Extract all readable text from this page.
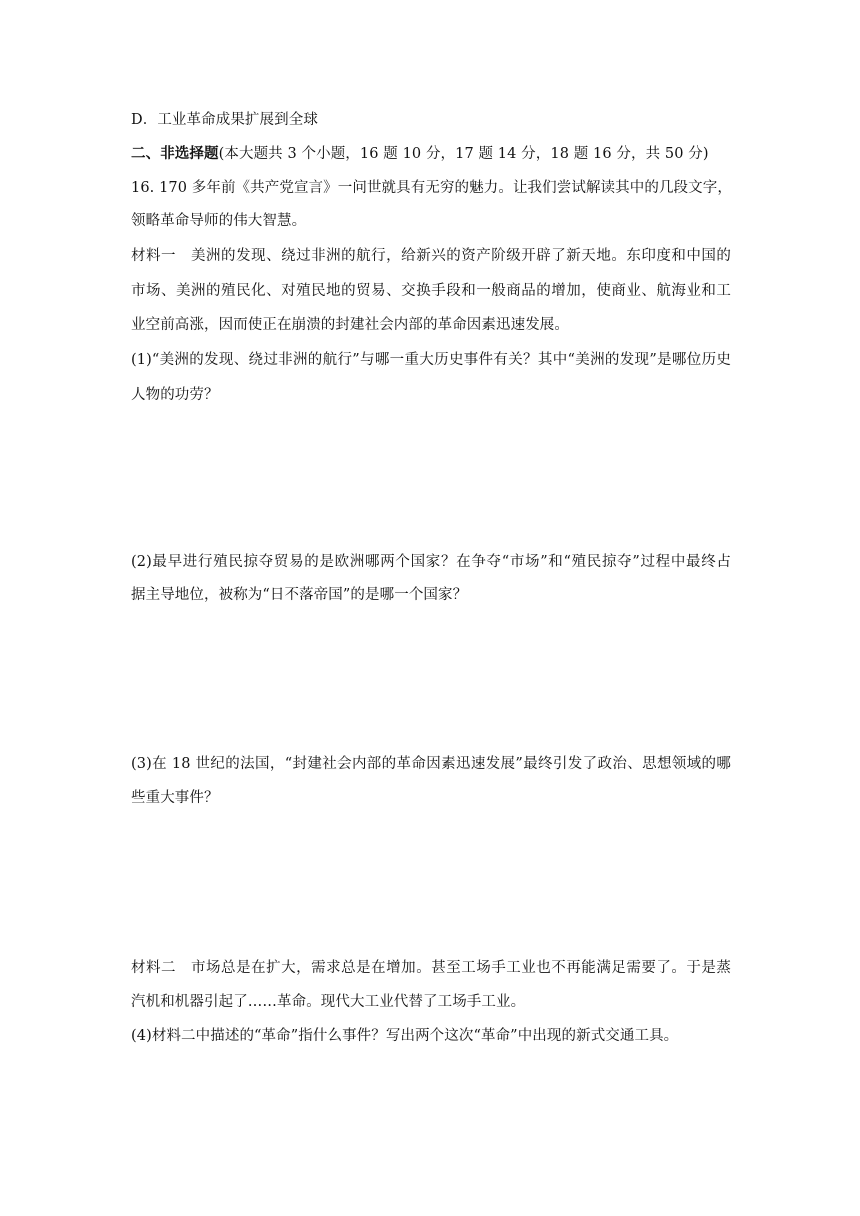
D．工业革命成果扩展到全球
二、非选择题(本大题共 3 个小题，16 题 10 分，17 题 14 分，18 题 16 分，共 50 分)
16. 170 多年前《共产党宣言》一问世就具有无穷的魅力。让我们尝试解读其中的几段文字，
领略革命导师的伟大智慧。
材料一　美洲的发现、绕过非洲的航行，给新兴的资产阶级开辟了新天地。东印度和中国的
市场、美洲的殖民化、对殖民地的贸易、交换手段和一般商品的增加，使商业、航海业和工
业空前高涨，因而使正在崩溃的封建社会内部的革命因素迅速发展。
(1)“美洲的发现、绕过非洲的航行”与哪一重大历史事件有关？其中“美洲的发现”是哪位历史
人物的功劳？
(2)最早进行殖民掠夺贸易的是欧洲哪两个国家？在争夺“市场”和“殖民掠夺”过程中最终占
据主导地位，被称为“日不落帝国”的是哪一个国家？
(3)在 18 世纪的法国，“封建社会内部的革命因素迅速发展”最终引发了政治、思想领域的哪
些重大事件？
材料二　市场总是在扩大，需求总是在增加。甚至工场手工业也不再能满足需要了。于是蒸
汽机和机器引起了……革命。现代大工业代替了工场手工业。
(4)材料二中描述的“革命”指什么事件？写出两个这次“革命”中出现的新式交通工具。
